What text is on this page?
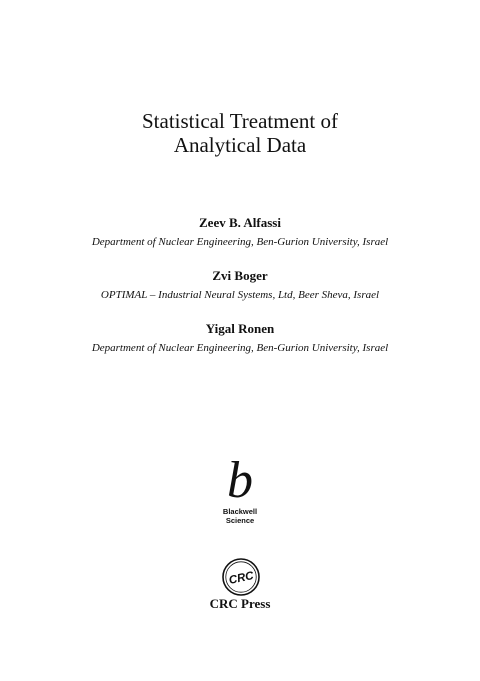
Statistical Treatment of
Analytical Data
Zeev B. Alfassi
Department of Nuclear Engineering, Ben-Gurion University, Israel
Zvi Boger
OPTIMAL – Industrial Neural Systems, Ltd, Beer Sheva, Israel
Yigal Ronen
Department of Nuclear Engineering, Ben-Gurion University, Israel
b
Blackwell
Science
CRC
CRC Press
